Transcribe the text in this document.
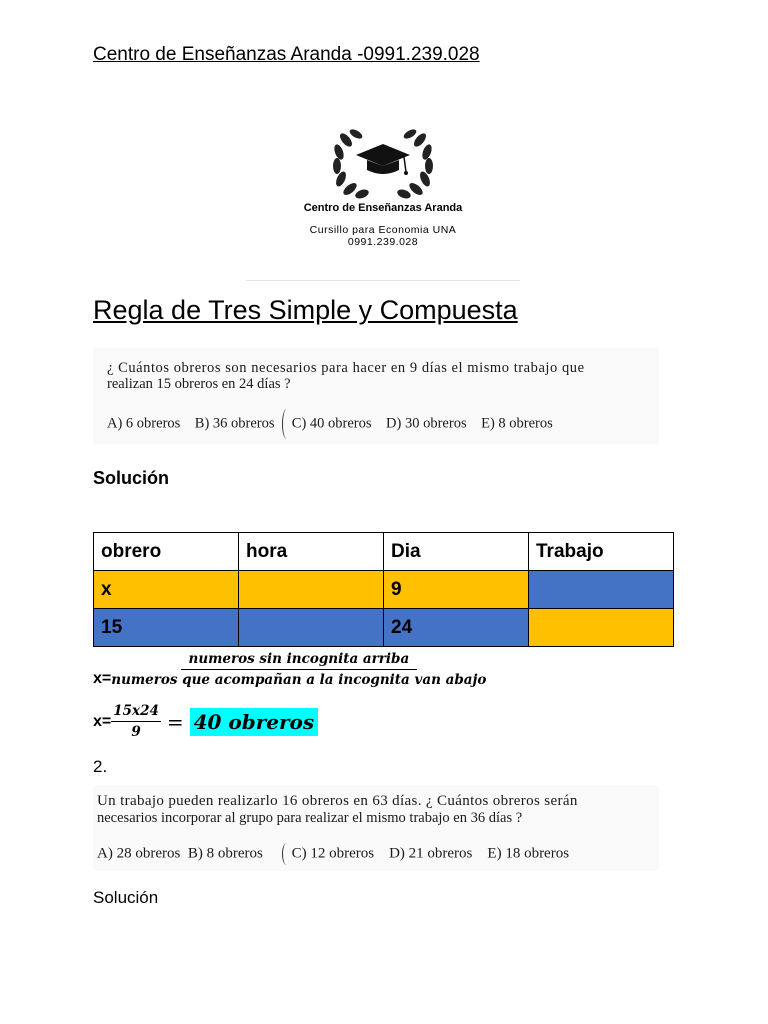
Centro de Enseñanzas Aranda -0991.239.028
Centro de Enseñanzas Aranda
Cursillo para Economia UNA
0991.239.028
Regla de Tres Simple y Compuesta
¿ Cuántos obreros son necesarios para hacer en 9 días el mismo trabajo que
realizan 15 obreros en 24 días ?
A) 6 obreros B) 36 obreros C) 40 obreros D) 30 obreros E) 8 obreros
Solución
obrero	hora	Dia	Trabajo
x		9	
15		24	
$x= \frac{\text{numeros sin incognita arriba}}{\text{numeros que acompañan a la incognita van abajo}}$
$x= \frac{15x24}{9} = 40$ obreros
2.
Un trabajo pueden realizarlo 16 obreros en 63 días. ¿ Cuántos obreros serán
necesarios incorporar al grupo para realizar el mismo trabajo en 36 días ?
A) 28 obreros B) 8 obreros C) 12 obreros D) 21 obreros E) 18 obreros
Solución
